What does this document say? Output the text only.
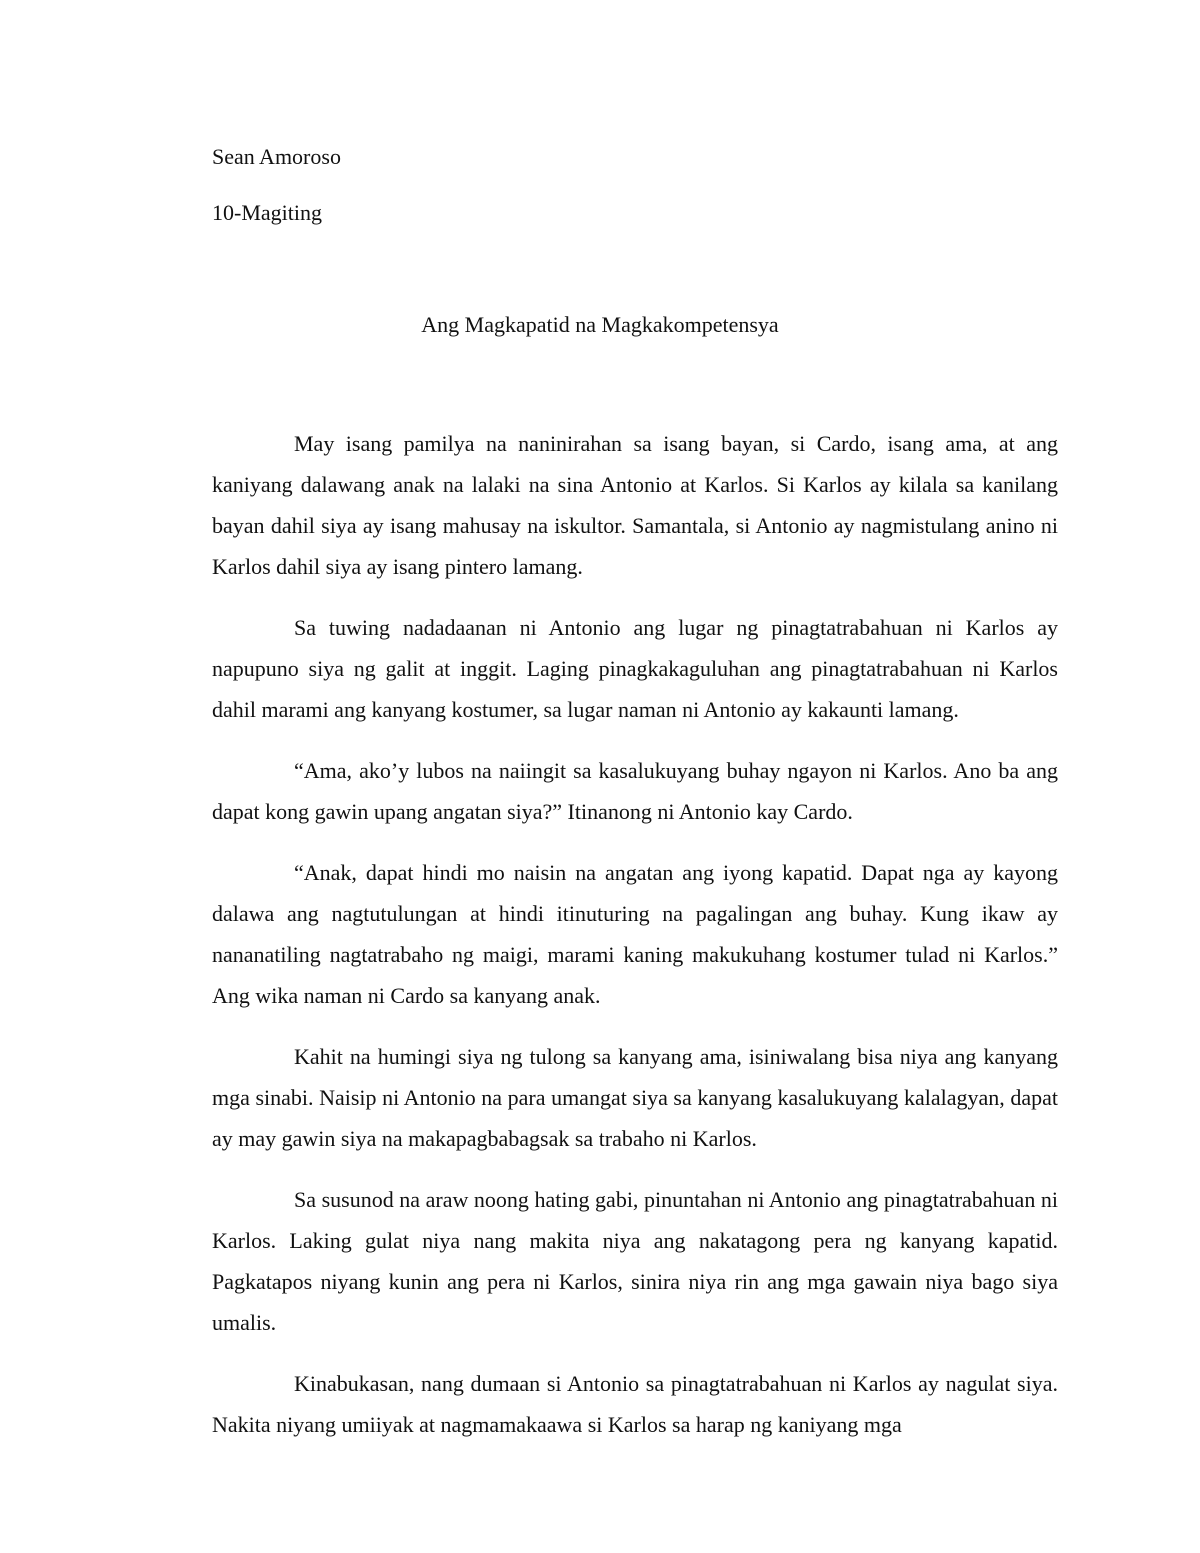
Sean Amoroso

10-Magiting

Ang Magkapatid na Magkakompetensya

May isang pamilya na naninirahan sa isang bayan, si Cardo, isang ama, at ang kaniyang dalawang anak na lalaki na sina Antonio at Karlos. Si Karlos ay kilala sa kanilang bayan dahil siya ay isang mahusay na iskultor. Samantala, si Antonio ay nagmistulang anino ni Karlos dahil siya ay isang pintero lamang.

Sa tuwing nadadaanan ni Antonio ang lugar ng pinagtatrabahuan ni Karlos ay napupuno siya ng galit at inggit. Laging pinagkakaguluhan ang pinagtatrabahuan ni Karlos dahil marami ang kanyang kostumer, sa lugar naman ni Antonio ay kakaunti lamang.

“Ama, ako’y lubos na naiingit sa kasalukuyang buhay ngayon ni Karlos. Ano ba ang dapat kong gawin upang angatan siya?” Itinanong ni Antonio kay Cardo.

“Anak, dapat hindi mo naisin na angatan ang iyong kapatid. Dapat nga ay kayong dalawa ang nagtutulungan at hindi itinuturing na pagalingan ang buhay. Kung ikaw ay nananatiling nagtatrabaho ng maigi, marami kaning makukuhang kostumer tulad ni Karlos.” Ang wika naman ni Cardo sa kanyang anak.

Kahit na humingi siya ng tulong sa kanyang ama, isiniwalang bisa niya ang kanyang mga sinabi. Naisip ni Antonio na para umangat siya sa kanyang kasalukuyang kalalagyan, dapat ay may gawin siya na makapagbabagsak sa trabaho ni Karlos.

Sa susunod na araw noong hating gabi, pinuntahan ni Antonio ang pinagtatrabahuan ni Karlos. Laking gulat niya nang makita niya ang nakatagong pera ng kanyang kapatid. Pagkatapos niyang kunin ang pera ni Karlos, sinira niya rin ang mga gawain niya bago siya umalis.

Kinabukasan, nang dumaan si Antonio sa pinagtatrabahuan ni Karlos ay nagulat siya. Nakita niyang umiiyak at nagmamakaawa si Karlos sa harap ng kaniyang mga
